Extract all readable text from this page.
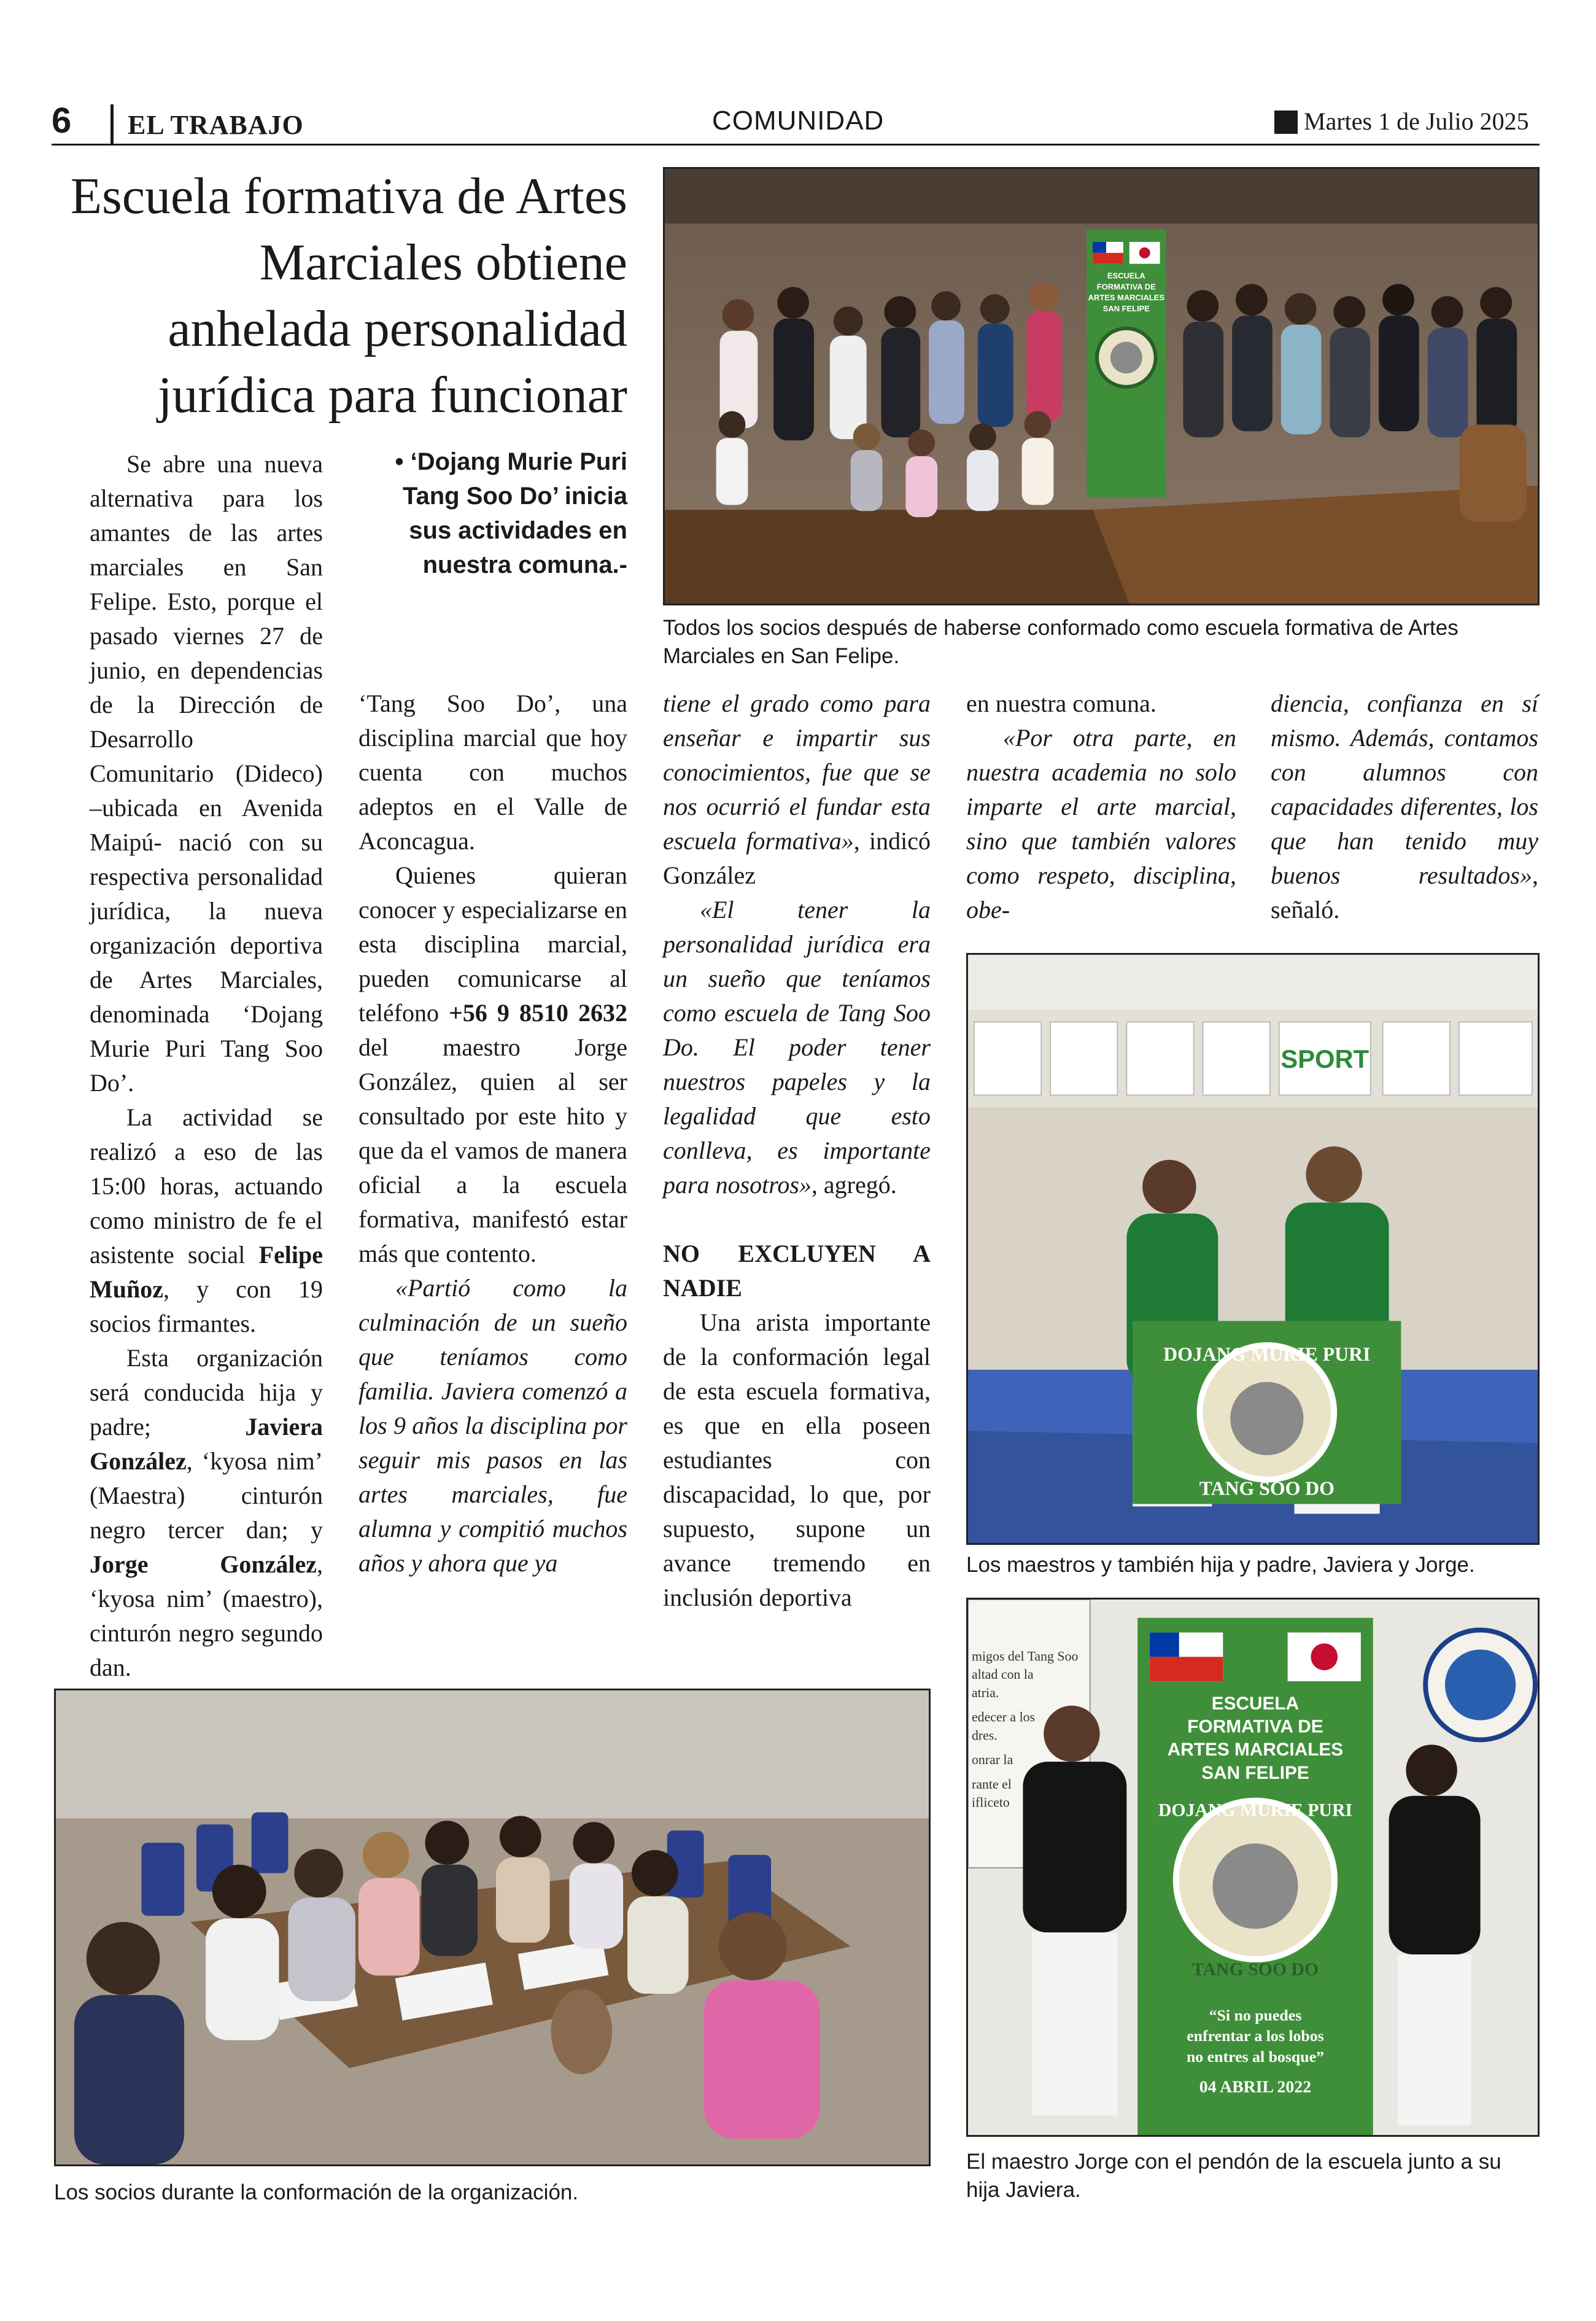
6 EL TRABAJO	COMUNIDAD	Martes 1 de Julio 2025
Escuela formativa de Artes Marciales obtiene anhelada personalidad jurídica para funcionar
• ‘Dojang Murie Puri Tang Soo Do’ inicia sus actividades en nuestra comuna.-

Se abre una nueva alternativa para los amantes de las artes marciales en San Felipe. Esto, porque el pasado viernes 27 de junio, en dependencias de la Dirección de Desarrollo Comunitario (Dideco) –ubicada en Avenida Maipú- nació con su respectiva personalidad jurídica, la nueva organización deportiva de Artes Marciales, denominada ‘Dojang Murie Puri Tang Soo Do’.

La actividad se realizó a eso de las 15:00 horas, actuando como ministro de fe el asistente social Felipe Muñoz, y con 19 socios firmantes.

Esta organización será conducida hija y padre; Javiera González, ‘kyosa nim’ (Maestra) cinturón negro tercer dan; y Jorge González, ‘kyosa nim’ (maestro), cinturón negro segundo dan.

‘Tang Soo Do’, una disciplina marcial que hoy cuenta con muchos adeptos en el Valle de Aconcagua.

Quienes quieran conocer y especializarse en esta disciplina marcial, pueden comunicarse al teléfono +56 9 8510 2632 del maestro Jorge González, quien al ser consultado por este hito y que da el vamos de manera oficial a la escuela formativa, manifestó estar más que contento.

«Partió como la culminación de un sueño que teníamos como familia. Javiera comenzó a los 9 años la disciplina por seguir mis pasos en las artes marciales, fue alumna y compitió muchos años y ahora que ya

tiene el grado como para enseñar e impartir sus conocimientos, fue que se nos ocurrió el fundar esta escuela formativa», indicó González

«El tener la personalidad jurídica era un sueño que teníamos como escuela de Tang Soo Do. El poder tener nuestros papeles y la legalidad que esto conlleva, es importante para nosotros», agregó.

NO EXCLUYEN A NADIE

Una arista importante de la conformación legal de esta escuela formativa, es que en ella poseen estudiantes con discapacidad, lo que, por supuesto, supone un avance tremendo en inclusión deportiva

en nuestra comuna.

«Por otra parte, en nuestra academia no solo imparte el arte marcial, sino que también valores como respeto, disciplina, obe-

diencia, confianza en sí mismo. Además, contamos con alumnos con capacidades diferentes, los que han tenido muy buenos resultados», señaló.

ESCUELA
FORMATIVA DE
ARTES MARCIALES
SAN FELIPE
Todos los socios después de haberse conformado como escuela formativa de Artes Marciales en San Felipe.
SPORT
DOJANG MURIE PURI
TANG SOO DO
Los maestros y también hija y padre, Javiera y Jorge.
Los socios durante la conformación de la organización.
migos del Tang Soo
altad con la
atria.
edecer a los
dres.
onrar la
rante el
ifliceto
ESCUELA
FORMATIVA DE
ARTES MARCIALES
SAN FELIPE
DOJANG MURIE PURI
TANG SOO DO
“Si no puedes
enfrentar a los lobos
no entres al bosque”
04 ABRIL 2022
El maestro Jorge con el pendón de la escuela junto a su hija Javiera.
